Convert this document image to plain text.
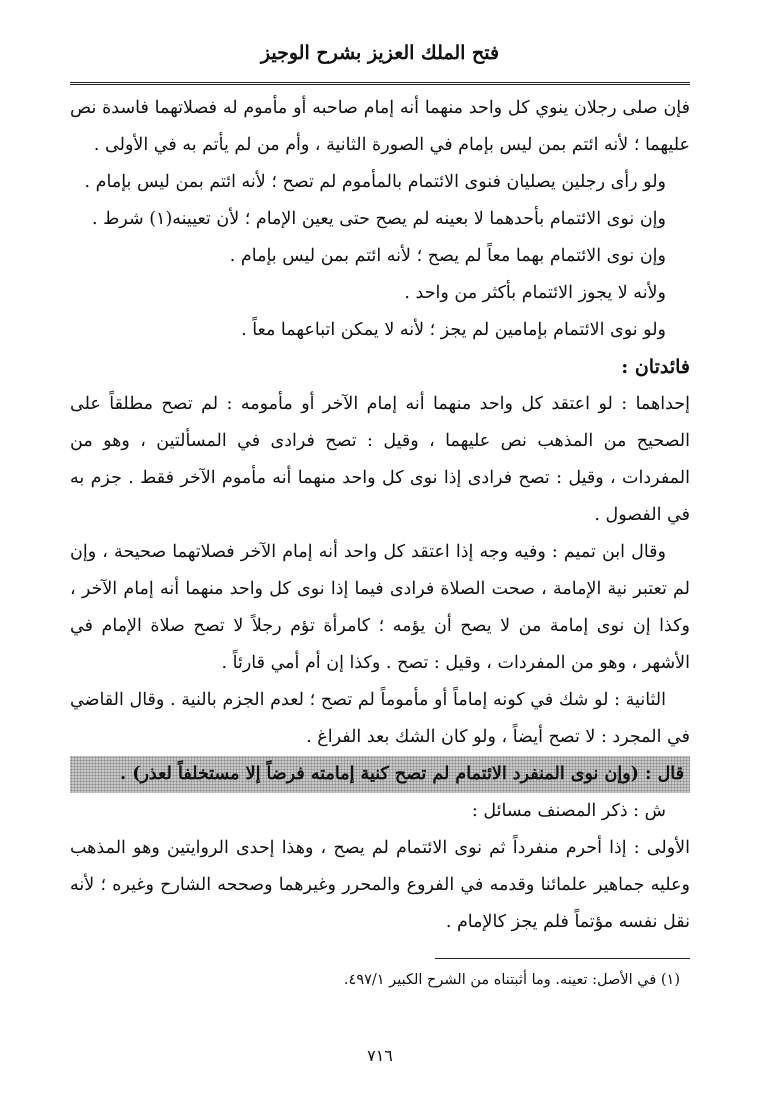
فتح الملك العزيز بشرح الوجيز

فإن صلى رجلان ينوي كل واحد منهما أنه إمام صاحبه أو مأموم له فصلاتهما فاسدة نص عليهما ؛ لأنه ائتم بمن ليس بإمام في الصورة الثانية ، وأم من لم يأتم به في الأولى .

ولو رأى رجلين يصليان فنوى الائتمام بالمأموم لم تصح ؛ لأنه ائتم بمن ليس بإمام .

وإن نوى الائتمام بأحدهما لا بعينه لم يصح حتى يعين الإمام ؛ لأن تعيينه(١) شرط .

وإن نوى الائتمام بهما معاً لم يصح ؛ لأنه ائتم بمن ليس بإمام .

ولأنه لا يجوز الائتمام بأكثر من واحد .

ولو نوى الائتمام بإمامين لم يجز ؛ لأنه لا يمكن اتباعهما معاً .

فائدتان :

إحداهما : لو اعتقد كل واحد منهما أنه إمام الآخر أو مأمومه : لم تصح مطلقاً على الصحيح من المذهب نص عليهما ، وقيل : تصح فرادى في المسألتين ، وهو من المفردات ، وقيل : تصح فرادى إذا نوى كل واحد منهما أنه مأموم الآخر فقط . جزم به في الفصول .

وقال ابن تميم : وفيه وجه إذا اعتقد كل واحد أنه إمام الآخر فصلاتهما صحيحة ، وإن لم تعتبر نية الإمامة ، صحت الصلاة فرادى فيما إذا نوى كل واحد منهما أنه إمام الآخر ، وكذا إن نوى إمامة من لا يصح أن يؤمه ؛ كامرأة تؤم رجلاً لا تصح صلاة الإمام في الأشهر ، وهو من المفردات ، وقيل : تصح . وكذا إن أم أمي قارئاً .

الثانية : لو شك في كونه إماماً أو مأموماً لم تصح ؛ لعدم الجزم بالنية . وقال القاضي في المجرد : لا تصح أيضاً ، ولو كان الشك بعد الفراغ .

قال : (وإن نوى المنفرد الائتمام لم تصح كنية إمامته فرضاً إلا مستخلفاً لعذر) .

ش : ذكر المصنف مسائل :

الأولى : إذا أحرم منفرداً ثم نوى الائتمام لم يصح ، وهذا إحدى الروايتين وهو المذهب وعليه جماهير علمائنا وقدمه في الفروع والمحرر وغيرهما وصححه الشارح وغيره ؛ لأنه نقل نفسه مؤتماً فلم يجز كالإمام .

(١) في الأصل: تعينه. وما أثبتناه من الشرح الكبير ٤٩٧/١.
٧١٦
